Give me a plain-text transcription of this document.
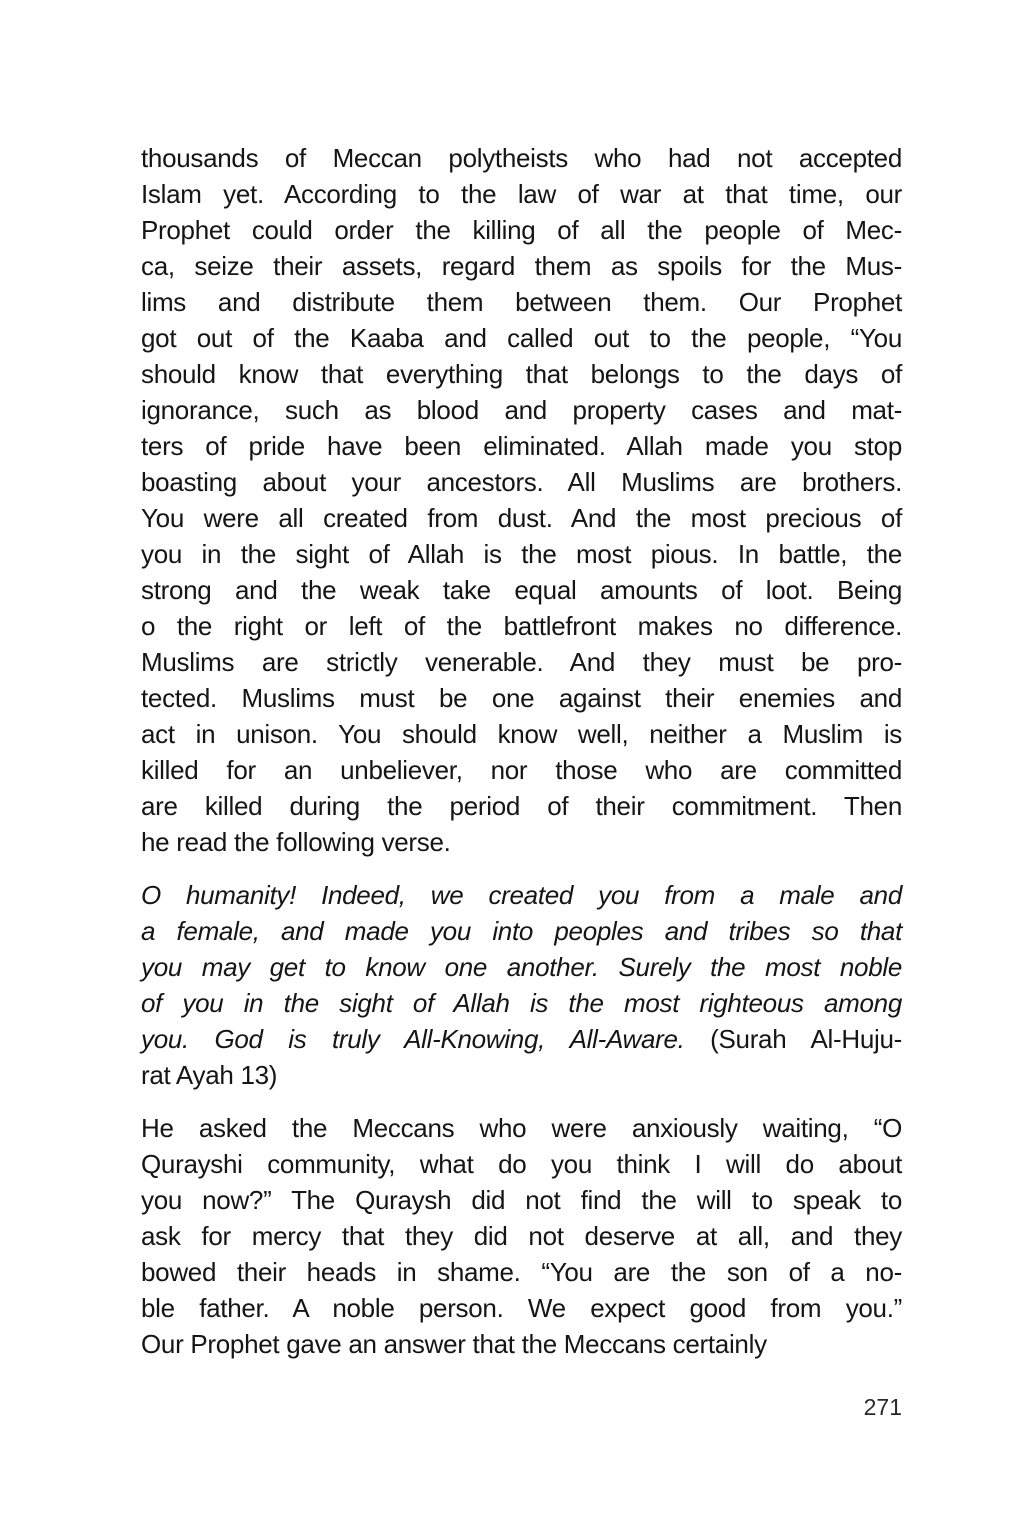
thousands of Meccan polytheists who had not accepted
Islam yet. According to the law of war at that time, our
Prophet could order the killing of all the people of Mec-
ca, seize their assets, regard them as spoils for the Mus-
lims and distribute them between them. Our Prophet
got out of the Kaaba and called out to the people, “You
should know that everything that belongs to the days of
ignorance, such as blood and property cases and mat-
ters of pride have been eliminated. Allah made you stop
boasting about your ancestors. All Muslims are brothers.
You were all created from dust. And the most precious of
you in the sight of Allah is the most pious. In battle, the
strong and the weak take equal amounts of loot. Being
o the right or left of the battlefront makes no difference.
Muslims are strictly venerable. And they must be pro-
tected. Muslims must be one against their enemies and
act in unison. You should know well, neither a Muslim is
killed for an unbeliever, nor those who are committed
are killed during the period of their commitment. Then
he read the following verse.
O humanity! Indeed, we created you from a male and
a female, and made you into peoples and tribes so that
you may get to know one another. Surely the most noble
of you in the sight of Allah is the most righteous among
you. God is truly All-Knowing, All-Aware. (Surah Al-Huju-
rat Ayah 13)
He asked the Meccans who were anxiously waiting, “O
Qurayshi community, what do you think I will do about
you now?” The Quraysh did not find the will to speak to
ask for mercy that they did not deserve at all, and they
bowed their heads in shame. “You are the son of a no-
ble father. A noble person. We expect good from you.”
Our Prophet gave an answer that the Meccans certainly
271
